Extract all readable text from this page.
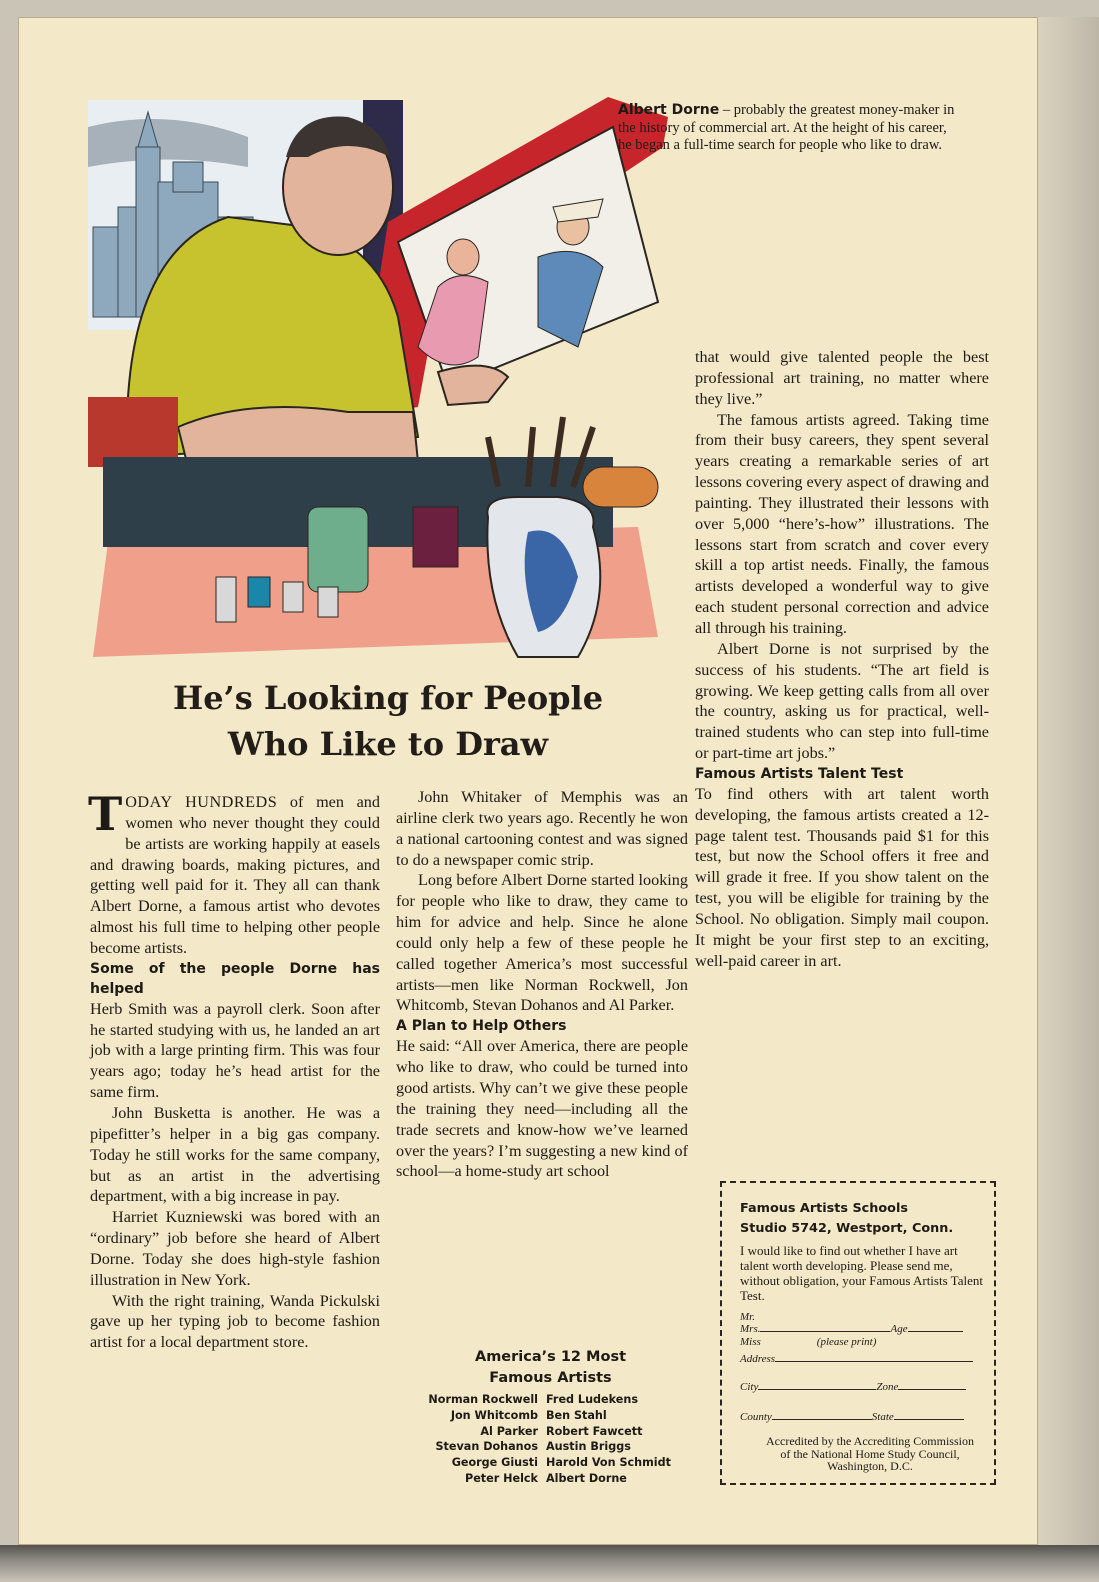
Albert Dorne – probably the greatest money-maker in the history of commercial art. At the height of his career, he began a full-time search for people who like to draw.
He’s Looking for People
Who Like to Draw

TODAY HUNDREDS of men and women who never thought they could be artists are working happily at easels and drawing boards, making pictures, and getting well paid for it. They all can thank Albert Dorne, a famous artist who devotes almost his full time to helping other people become artists.

Some of the people Dorne has helped

Herb Smith was a payroll clerk. Soon after he started studying with us, he landed an art job with a large printing firm. This was four years ago; today he’s head artist for the same firm.

John Busketta is another. He was a pipefitter’s helper in a big gas company. Today he still works for the same company, but as an artist in the advertising department, with a big increase in pay.

Harriet Kuzniewski was bored with an “ordinary” job before she heard of Albert Dorne. Today she does high-style fashion illustration in New York.

With the right training, Wanda Pickulski gave up her typing job to become fashion artist for a local department store.

John Whitaker of Memphis was an airline clerk two years ago. Recently he won a national cartooning contest and was signed to do a newspaper comic strip.

Long before Albert Dorne started looking for people who like to draw, they came to him for advice and help. Since he alone could only help a few of these people he called together America’s most successful artists—men like Norman Rockwell, Jon Whitcomb, Stevan Dohanos and Al Parker.

A Plan to Help Others

He said: “All over America, there are people who like to draw, who could be turned into good artists. Why can’t we give these people the training they need—including all the trade secrets and know-how we’ve learned over the years? I’m suggesting a new kind of school—a home-study art school

America’s 12 Most
Famous Artists
Norman Rockwell Fred Ludekens
Jon Whitcomb Ben Stahl
Al Parker Robert Fawcett
Stevan Dohanos Austin Briggs
George Giusti Harold Von Schmidt
Peter Helck Albert Dorne

that would give talented people the best professional art training, no matter where they live.”

The famous artists agreed. Taking time from their busy careers, they spent several years creating a remarkable series of art lessons covering every aspect of drawing and painting. They illustrated their lessons with over 5,000 “here’s-how” illustrations. The lessons start from scratch and cover every skill a top artist needs. Finally, the famous artists developed a wonderful way to give each student personal correction and advice all through his training.

Albert Dorne is not surprised by the success of his students. “The art field is growing. We keep getting calls from all over the country, asking us for practical, well-trained students who can step into full-time or part-time art jobs.”

Famous Artists Talent Test

To find others with art talent worth developing, the famous artists created a 12-page talent test. Thousands paid $1 for this test, but now the School offers it free and will grade it free. If you show talent on the test, you will be eligible for training by the School. No obligation. Simply mail coupon. It might be your first step to an exciting, well-paid career in art.

Famous Artists Schools
Studio 5742, Westport, Conn.
I would like to find out whether I have art talent worth developing. Please send me, without obligation, your Famous Artists Talent Test.
Mr.
Mrs.	Age
Miss	(please print)
Address
City	Zone
County	State
Accredited by the Accrediting Commission of the National Home Study Council, Washington, D.C.
